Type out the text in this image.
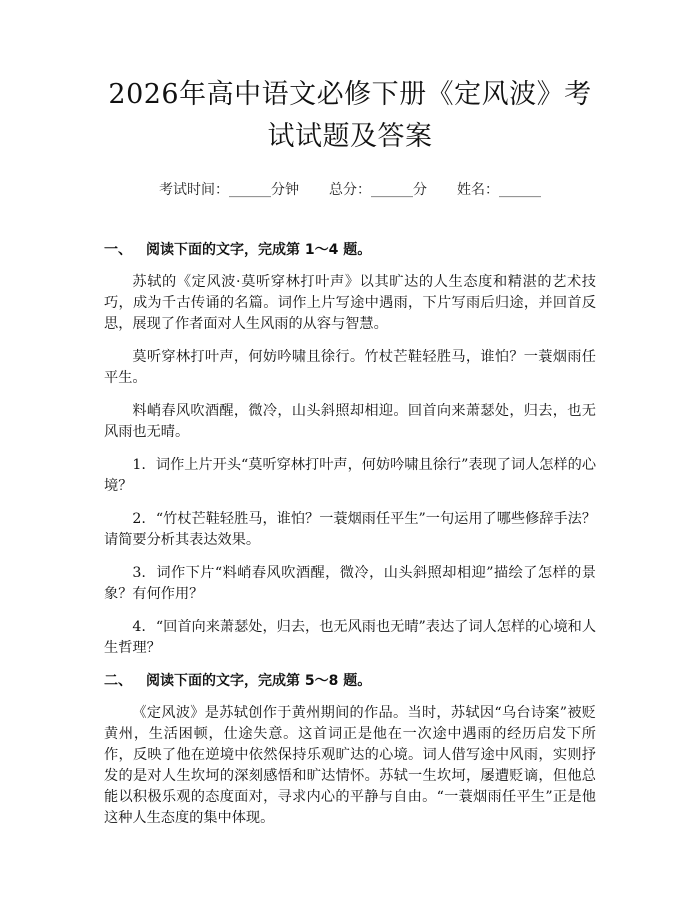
2026年高中语文必修下册《定风波》考试试题及答案
考试时间：______分钟 总分：______分 姓名：______
一、 阅读下面的文字，完成第 1～4 题。

苏轼的《定风波·莫听穿林打叶声》以其旷达的人生态度和精湛的艺术技巧，成为千古传诵的名篇。词作上片写途中遇雨，下片写雨后归途，并回首反思，展现了作者面对人生风雨的从容与智慧。

莫听穿林打叶声，何妨吟啸且徐行。竹杖芒鞋轻胜马，谁怕？一蓑烟雨任平生。

料峭春风吹酒醒，微冷，山头斜照却相迎。回首向来萧瑟处，归去，也无风雨也无晴。

1. 词作上片开头“莫听穿林打叶声，何妨吟啸且徐行”表现了词人怎样的心境？

2. “竹杖芒鞋轻胜马，谁怕？一蓑烟雨任平生”一句运用了哪些修辞手法？请简要分析其表达效果。

3. 词作下片“料峭春风吹酒醒，微冷，山头斜照却相迎”描绘了怎样的景象？有何作用？

4. “回首向来萧瑟处，归去，也无风雨也无晴”表达了词人怎样的心境和人生哲理？

二、 阅读下面的文字，完成第 5～8 题。

《定风波》是苏轼创作于黄州期间的作品。当时，苏轼因“乌台诗案”被贬黄州，生活困顿，仕途失意。这首词正是他在一次途中遇雨的经历启发下所作，反映了他在逆境中依然保持乐观旷达的心境。词人借写途中风雨，实则抒发的是对人生坎坷的深刻感悟和旷达情怀。苏轼一生坎坷，屡遭贬谪，但他总能以积极乐观的态度面对，寻求内心的平静与自由。“一蓑烟雨任平生”正是他这种人生态度的集中体现。
